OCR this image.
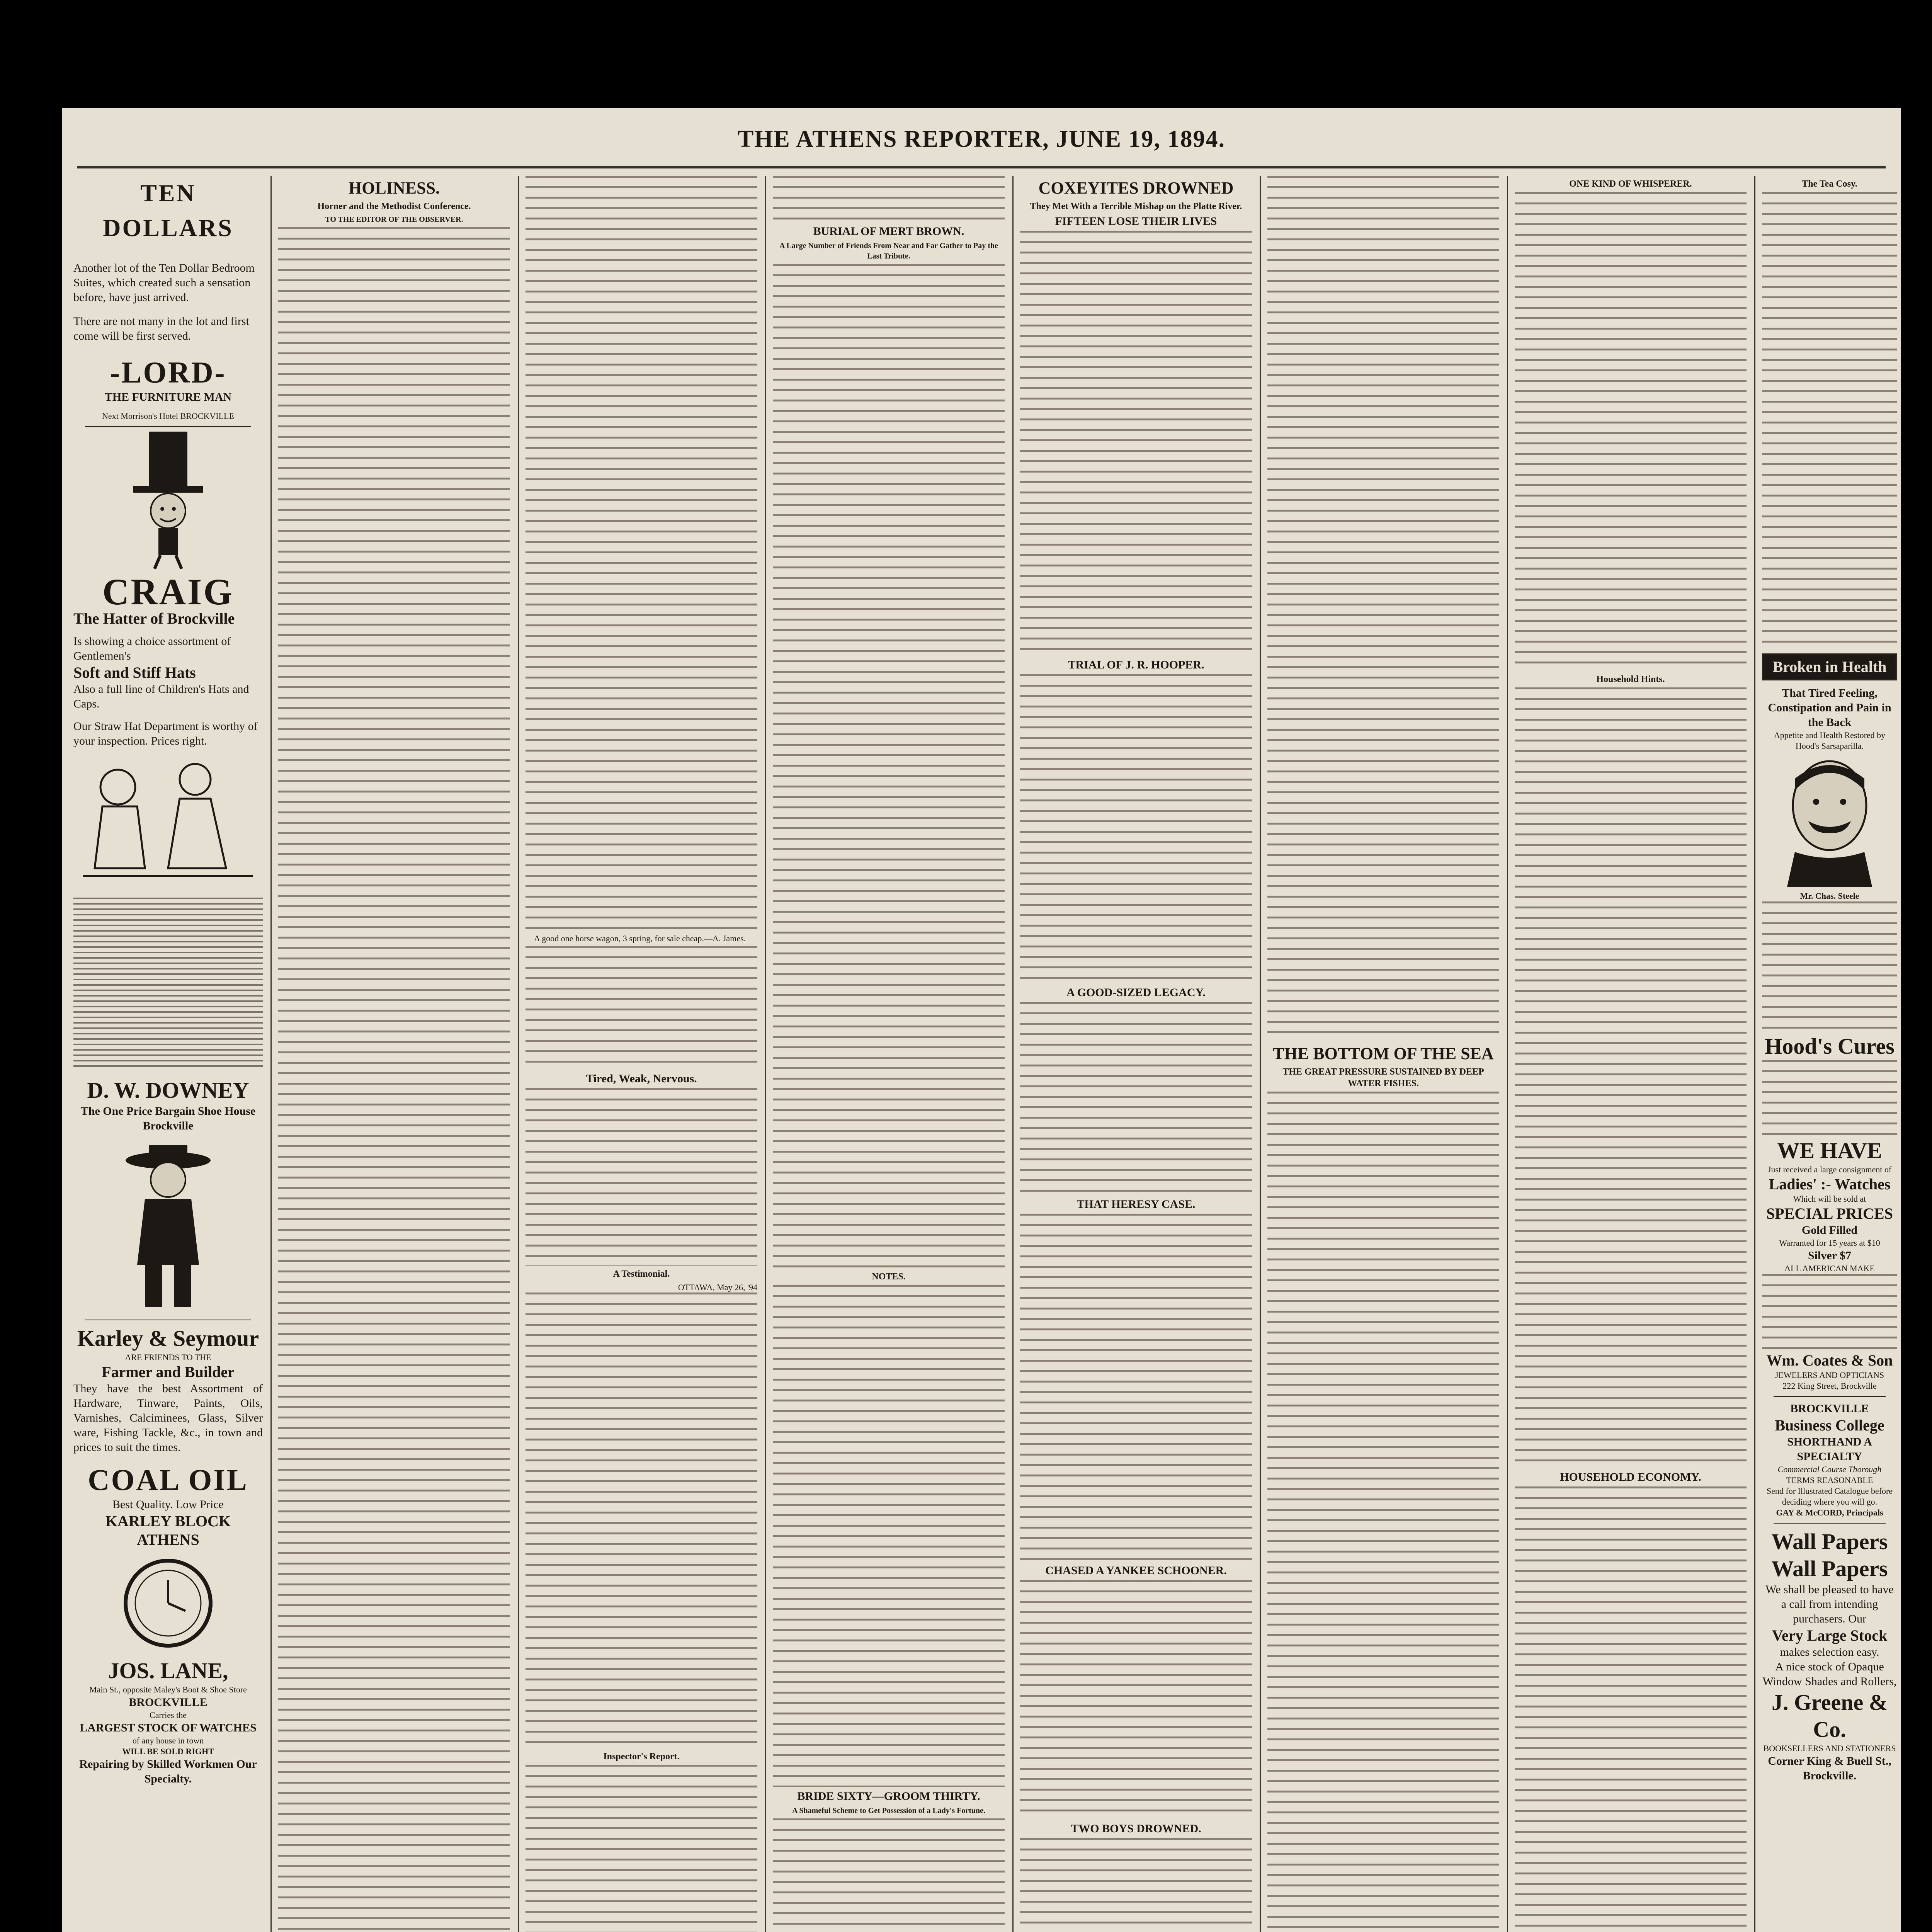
THE ATHENS REPORTER, JUNE 19, 1894.
TEN DOLLARS
Another lot of the Ten Dollar Bedroom Suites, which created such a sensation before, have just arrived.
There are not many in the lot and first come will be first served.
-LORD-
THE FURNITURE MAN
Next Morrison's Hotel BROCKVILLE
CRAIG
The Hatter of Brockville
Is showing a choice assortment of Gentlemen's
Soft and Stiff Hats
Also a full line of Children's Hats and Caps.
Our Straw Hat Department is worthy of your inspection. Prices right.
D. W. DOWNEY
The One Price Bargain Shoe House
Brockville
Karley & Seymour
ARE FRIENDS TO THE
Farmer and Builder
They have the best Assortment of Hardware, Tinware, Paints, Oils, Varnishes, Calciminees, Glass, Silver ware, Fishing Tackle, &c., in town and prices to suit the times.
COAL OIL
Best Quality. Low Price
KARLEY BLOCK
ATHENS
JOS. LANE,
Main St., opposite Maley's Boot & Shoe Store
BROCKVILLE
Carries the
LARGEST STOCK OF WATCHES
of any house in town
WILL BE SOLD RIGHT
Repairing by Skilled Workmen Our Specialty.
HOLINESS.
Horner and the Methodist Conference.
TO THE EDITOR OF THE OBSERVER.

A good one horse wagon, 3 spring, for sale cheap.—A. James.

Tired, Weak, Nervous.
A Testimonial.
OTTAWA, May 26, '94
Inspector's Report.
BURIAL OF MERT BROWN.
A Large Number of Friends From Near and Far Gather to Pay the Last Tribute.
NOTES.
BRIDE SIXTY—GROOM THIRTY.
A Shameful Scheme to Get Possession of a Lady's Fortune.
COXEYITES DROWNED
They Met With a Terrible Mishap on the Platte River.
FIFTEEN LOSE THEIR LIVES
TRIAL OF J. R. HOOPER.
A GOOD-SIZED LEGACY.
THAT HERESY CASE.
CHASED A YANKEE SCHOONER.
TWO BOYS DROWNED.
THE BOTTOM OF THE SEA
THE GREAT PRESSURE SUSTAINED BY DEEP WATER FISHES.
ONE KIND OF WHISPERER.
Household Hints.
HOUSEHOLD ECONOMY.
The Tea Cosy.
Broken in Health
That Tired Feeling, Constipation and Pain in the Back
Appetite and Health Restored by Hood's Sarsaparilla.
Mr. Chas. Steele
Hood's Cures
WE HAVE
Just received a large consignment of
Ladies' :- Watches
Which will be sold at
SPECIAL PRICES
Gold Filled
Warranted for 15 years at $10
Silver $7
ALL AMERICAN MAKE
Wm. Coates & Son
JEWELERS AND OPTICIANS
222 King Street, Brockville
BROCKVILLE
Business College
SHORTHAND A SPECIALTY
Commercial Course Thorough
TERMS REASONABLE
Send for Illustrated Catalogue before deciding where you will go.
GAY & McCORD, Principals
Wall Papers
Wall Papers
We shall be pleased to have a call from intending purchasers. Our
Very Large Stock
makes selection easy.
A nice stock of Opaque Window Shades and Rollers,
J. Greene & Co.
BOOKSELLERS AND STATIONERS
Corner King & Buell St., Brockville.
